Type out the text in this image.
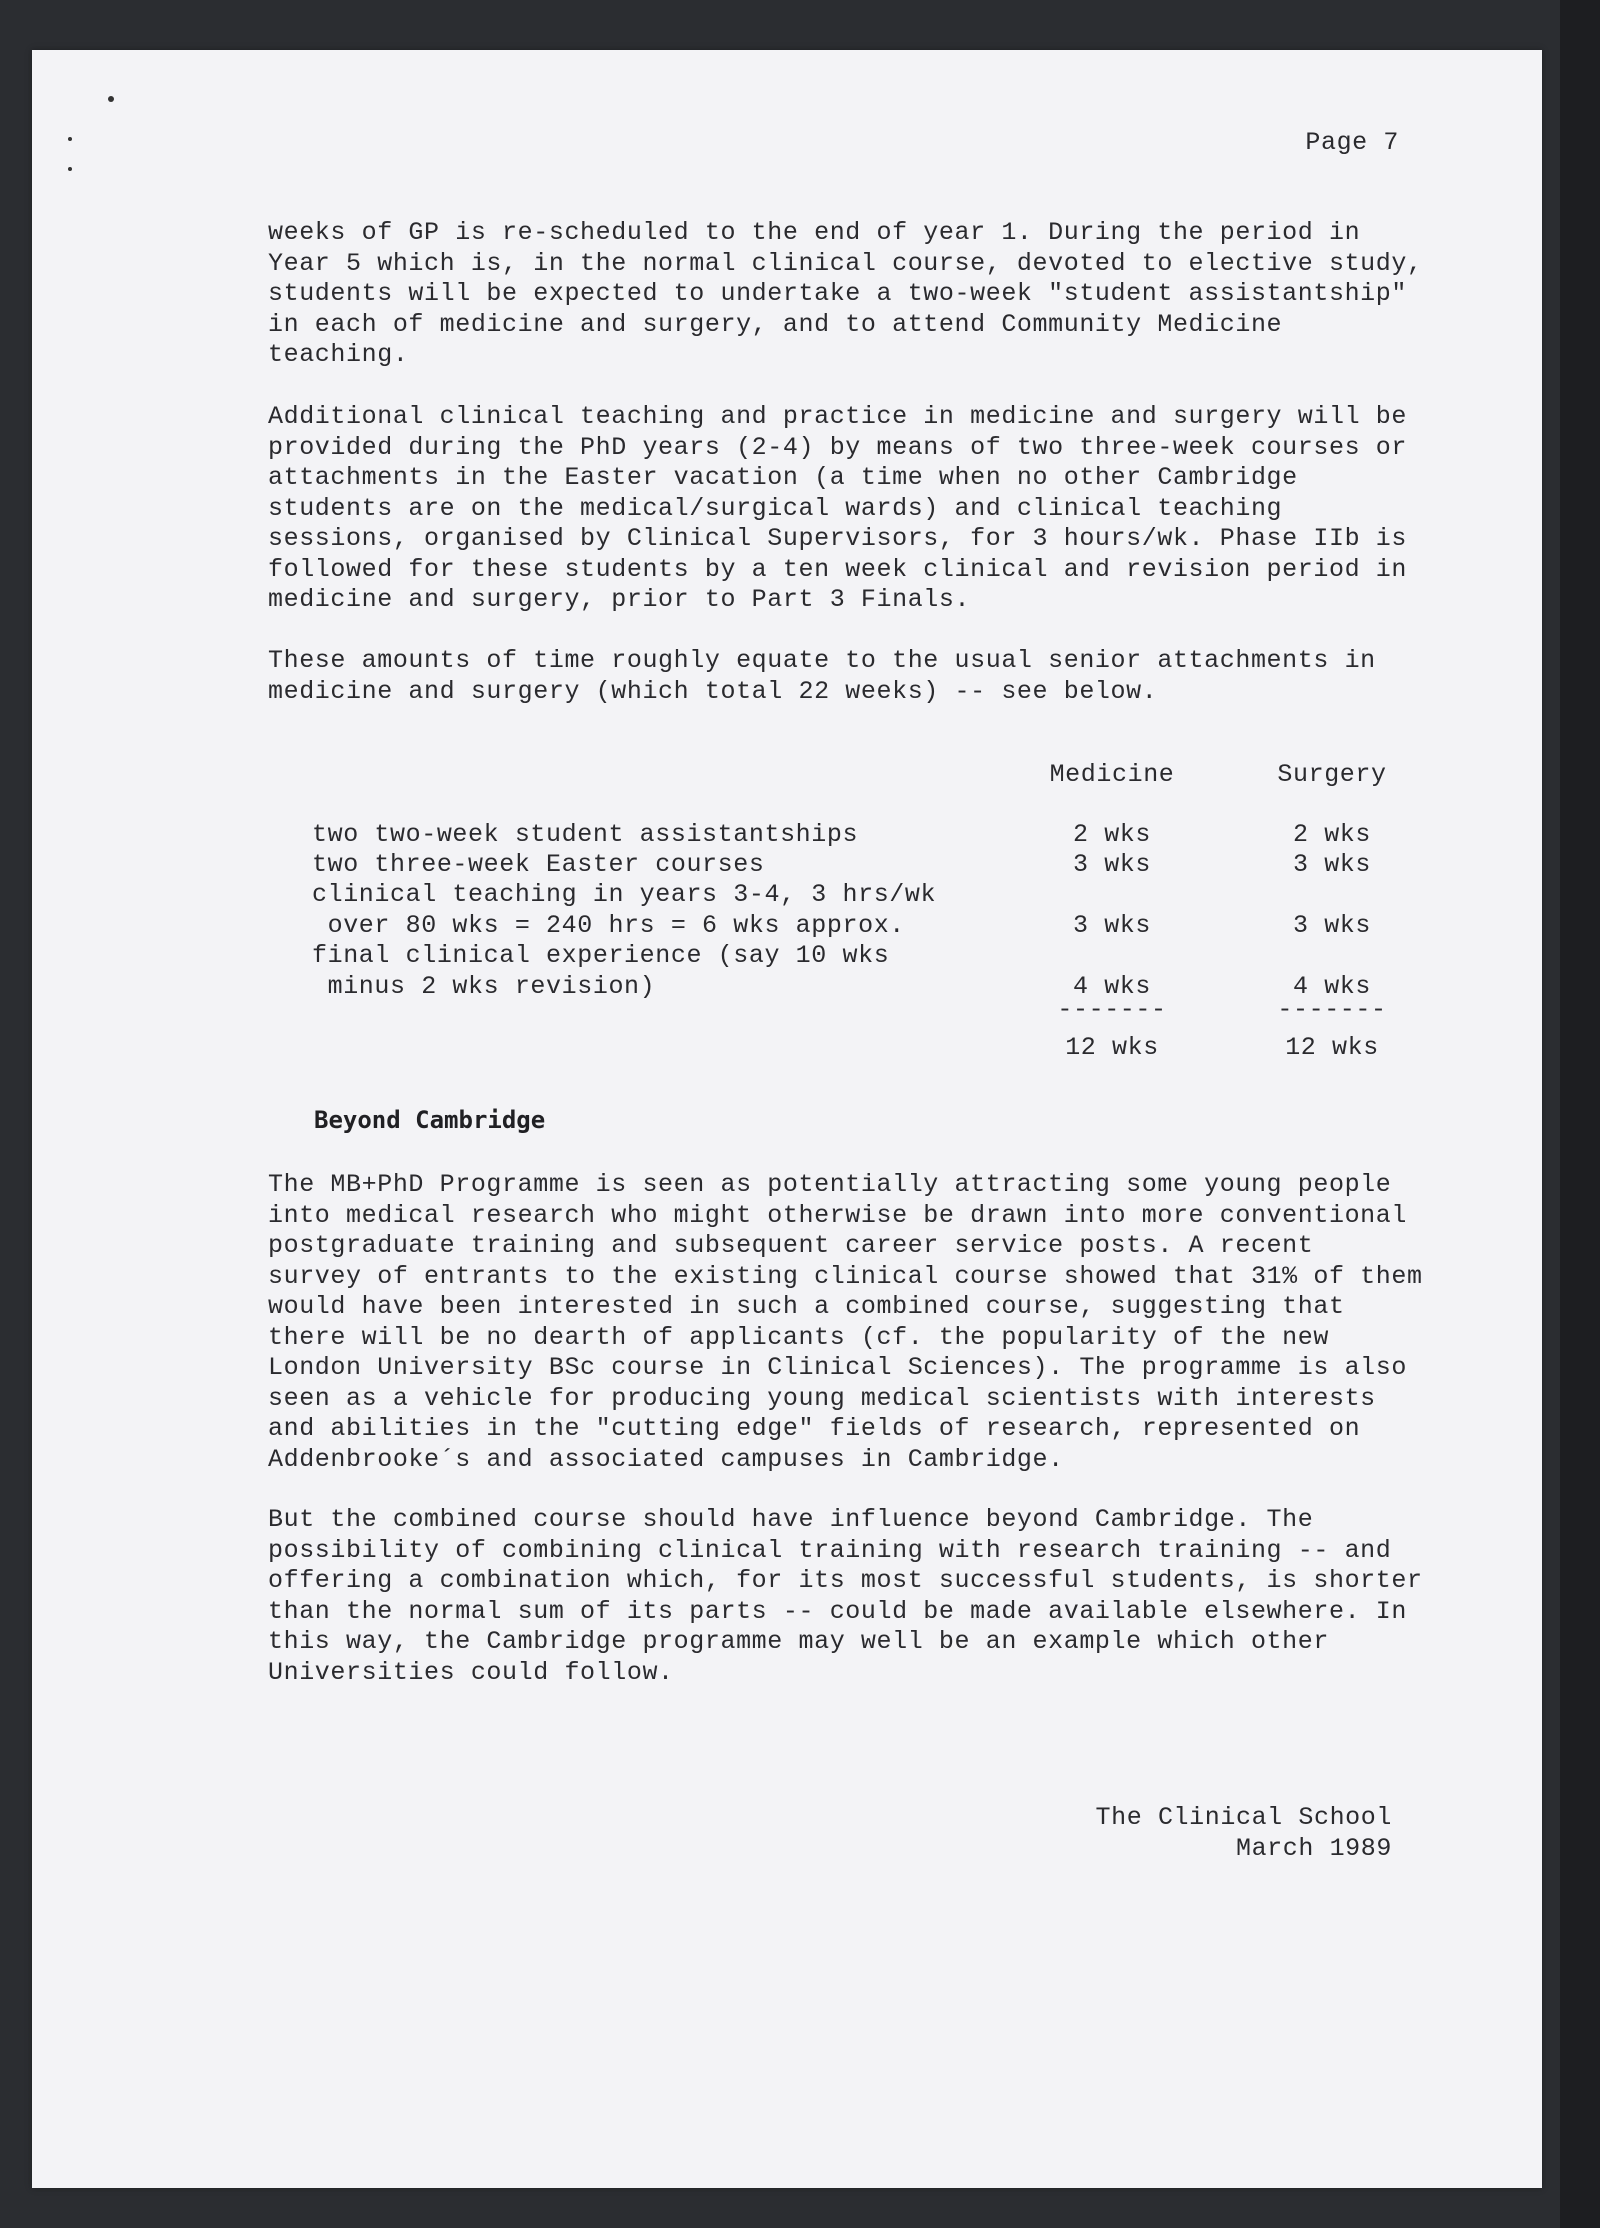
Page 7

weeks of GP is re-scheduled to the end of year 1. During the period in
Year 5 which is, in the normal clinical course, devoted to elective study,
students will be expected to undertake a two-week "student assistantship"
in each of medicine and surgery, and to attend Community Medicine
teaching.

Additional clinical teaching and practice in medicine and surgery will be
provided during the PhD years (2-4) by means of two three-week courses or
attachments in the Easter vacation (a time when no other Cambridge
students are on the medical/surgical wards) and clinical teaching
sessions, organised by Clinical Supervisors, for 3 hours/wk. Phase IIb is
followed for these students by a ten week clinical and revision period in
medicine and surgery, prior to Part 3 Finals.

These amounts of time roughly equate to the usual senior attachments in
medicine and surgery (which total 22 weeks) -- see below.

Medicine	Surgery
two two-week student assistantships	2 wks	2 wks
two three-week Easter courses	3 wks	3 wks
clinical teaching in years 3-4, 3 hrs/wk
over 80 wks = 240 hrs = 6 wks approx.	3 wks	3 wks
final clinical experience (say 10 wks
minus 2 wks revision)	4 wks	4 wks
-------	-------
12 wks	12 wks
Beyond Cambridge

The MB+PhD Programme is seen as potentially attracting some young people
into medical research who might otherwise be drawn into more conventional
postgraduate training and subsequent career service posts. A recent
survey of entrants to the existing clinical course showed that 31% of them
would have been interested in such a combined course, suggesting that
there will be no dearth of applicants (cf. the popularity of the new
London University BSc course in Clinical Sciences). The programme is also
seen as a vehicle for producing young medical scientists with interests
and abilities in the "cutting edge" fields of research, represented on
Addenbrooke´s and associated campuses in Cambridge.

But the combined course should have influence beyond Cambridge. The
possibility of combining clinical training with research training -- and
offering a combination which, for its most successful students, is shorter
than the normal sum of its parts -- could be made available elsewhere. In
this way, the Cambridge programme may well be an example which other
Universities could follow.

The Clinical School
March 1989
